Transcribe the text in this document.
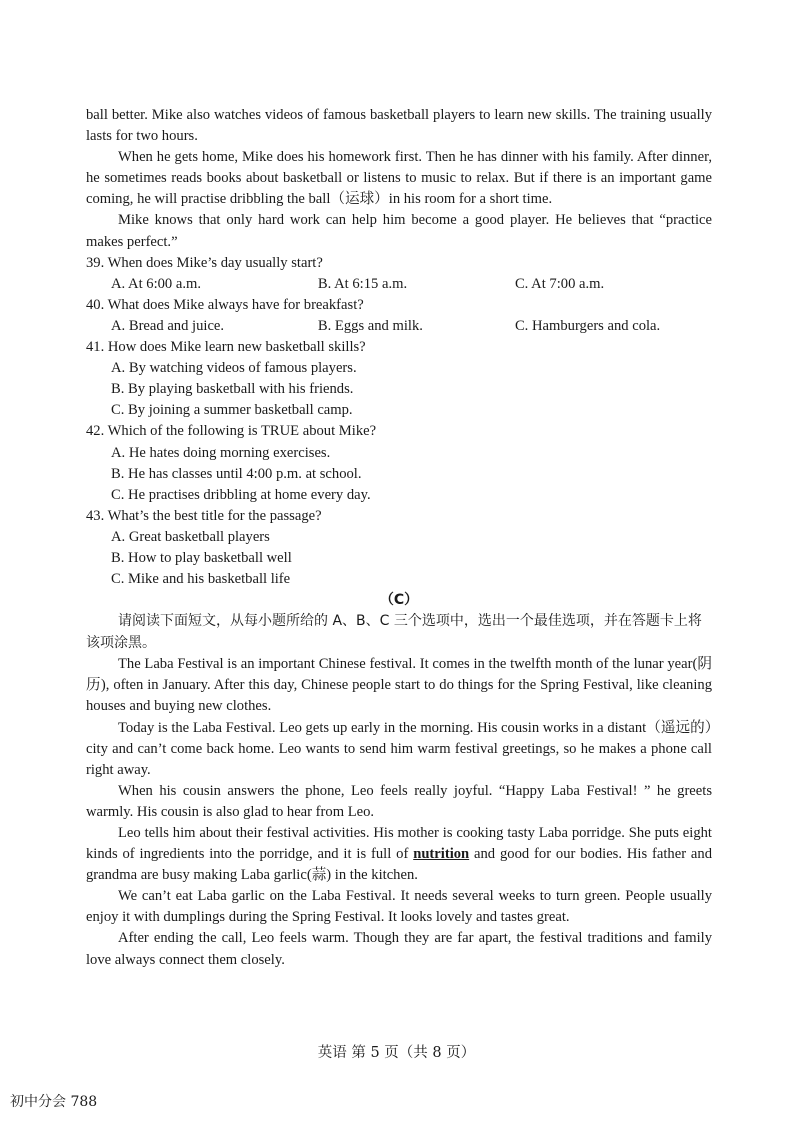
ball better. Mike also watches videos of famous basketball players to learn new skills. The training usually lasts for two hours.

When he gets home, Mike does his homework first. Then he has dinner with his family. After dinner, he sometimes reads books about basketball or listens to music to relax. But if there is an important game coming, he will practise dribbling the ball（运球）in his room for a short time.

Mike knows that only hard work can help him become a good player. He believes that “practice makes perfect.”

39. When does Mike’s day usually start?

A. At 6:00 a.m.	B. At 6:15 a.m.	C. At 7:00 a.m.

40. What does Mike always have for breakfast?

A. Bread and juice.	B. Eggs and milk.	C. Hamburgers and cola.

41. How does Mike learn new basketball skills?

A. By watching videos of famous players.

B. By playing basketball with his friends.

C. By joining a summer basketball camp.

42. Which of the following is TRUE about Mike?

A. He hates doing morning exercises.

B. He has classes until 4:00 p.m. at school.

C. He practises dribbling at home every day.

43. What’s the best title for the passage?

A. Great basketball players

B. How to play basketball well

C. Mike and his basketball life

（C）

请阅读下面短文，从每小题所给的 A、B、C 三个选项中，选出一个最佳选项，并在答题卡上将该项涂黑。

The Laba Festival is an important Chinese festival. It comes in the twelfth month of the lunar year(阴历), often in January. After this day, Chinese people start to do things for the Spring Festival, like cleaning houses and buying new clothes.

Today is the Laba Festival. Leo gets up early in the morning. His cousin works in a distant（遥远的）city and can’t come back home. Leo wants to send him warm festival greetings, so he makes a phone call right away.

When his cousin answers the phone, Leo feels really joyful. “Happy Laba Festival! ” he greets warmly. His cousin is also glad to hear from Leo.

Leo tells him about their festival activities. His mother is cooking tasty Laba porridge. She puts eight kinds of ingredients into the porridge, and it is full of nutrition and good for our bodies. His father and grandma are busy making Laba garlic(蒜) in the kitchen.

We can’t eat Laba garlic on the Laba Festival. It needs several weeks to turn green. People usually enjoy it with dumplings during the Spring Festival. It looks lovely and tastes great.

After ending the call, Leo feels warm. Though they are far apart, the festival traditions and family love always connect them closely.

英语 第 5 页（共 8 页）
初中分会 788
